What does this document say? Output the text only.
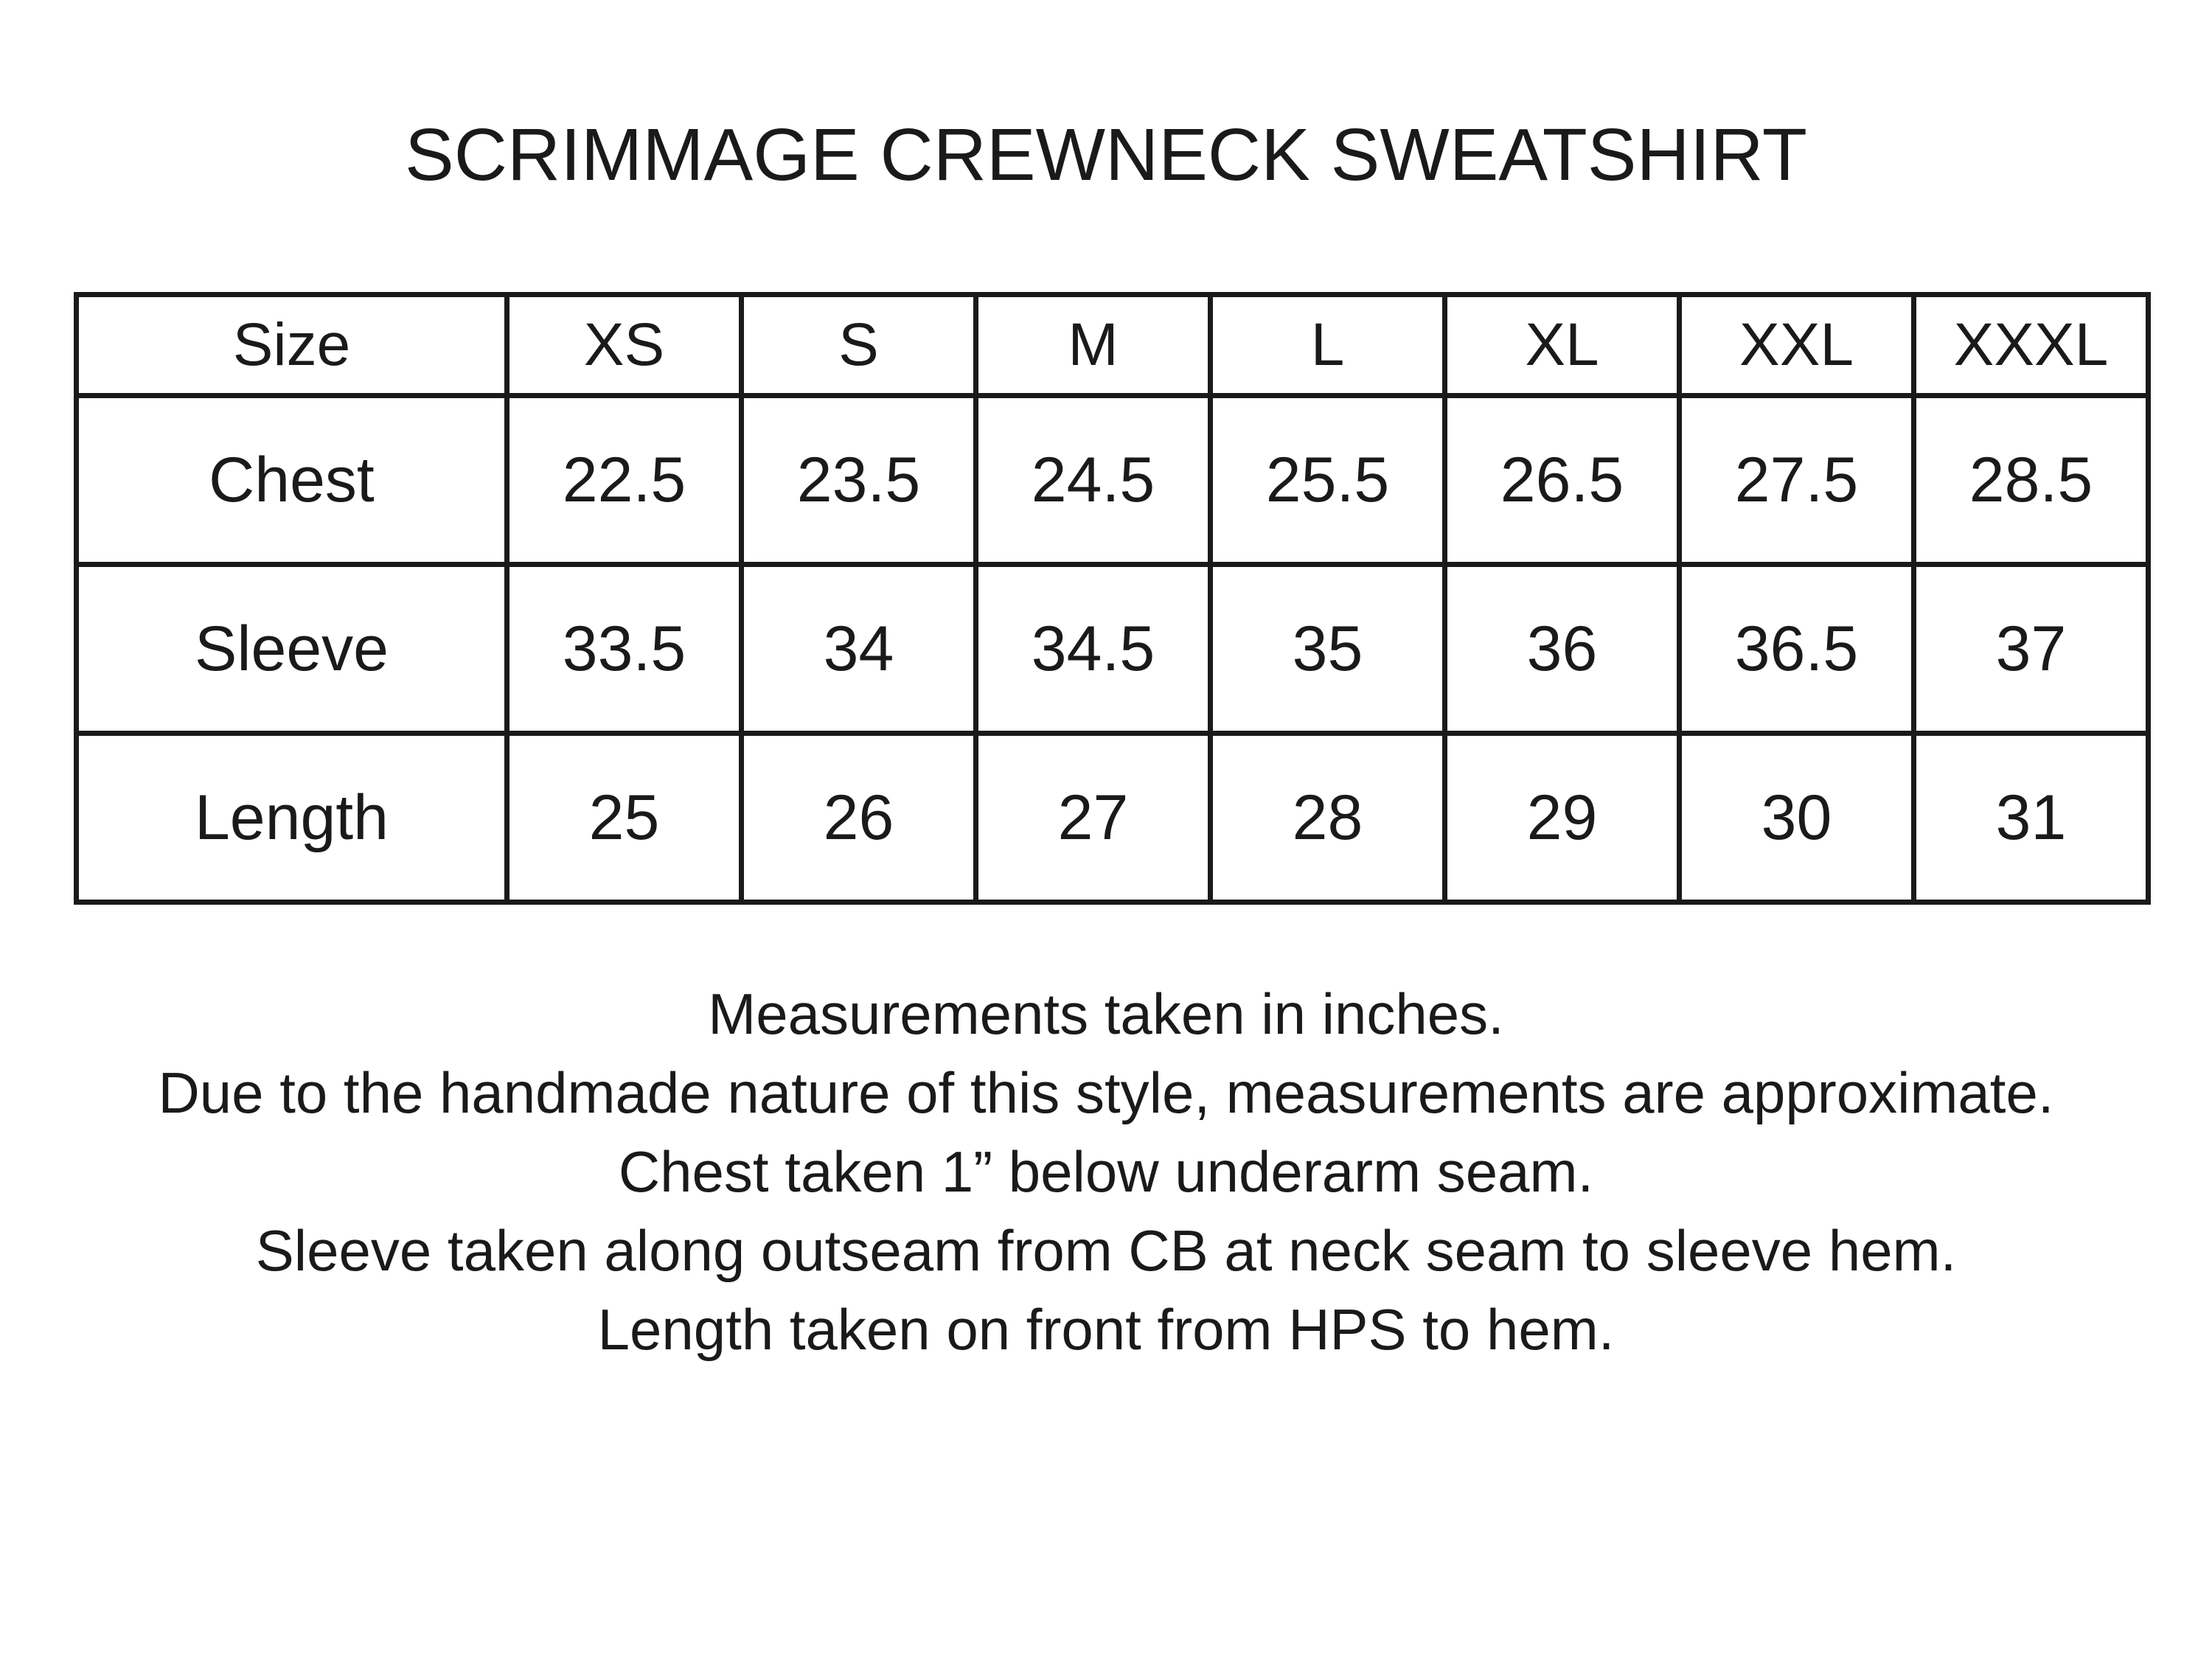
SCRIMMAGE CREWNECK SWEATSHIRT
Size	XS	S	M	L	XL	XXL	XXXL
Chest	22.5	23.5	24.5	25.5	26.5	27.5	28.5
Sleeve	33.5	34	34.5	35	36	36.5	37
Length	25	26	27	28	29	30	31

Measurements taken in inches.

Due to the handmade nature of this style, measurements are approximate.

Chest taken 1” below underarm seam.

Sleeve taken along outseam from CB at neck seam to sleeve hem.

Length taken on front from HPS to hem.
